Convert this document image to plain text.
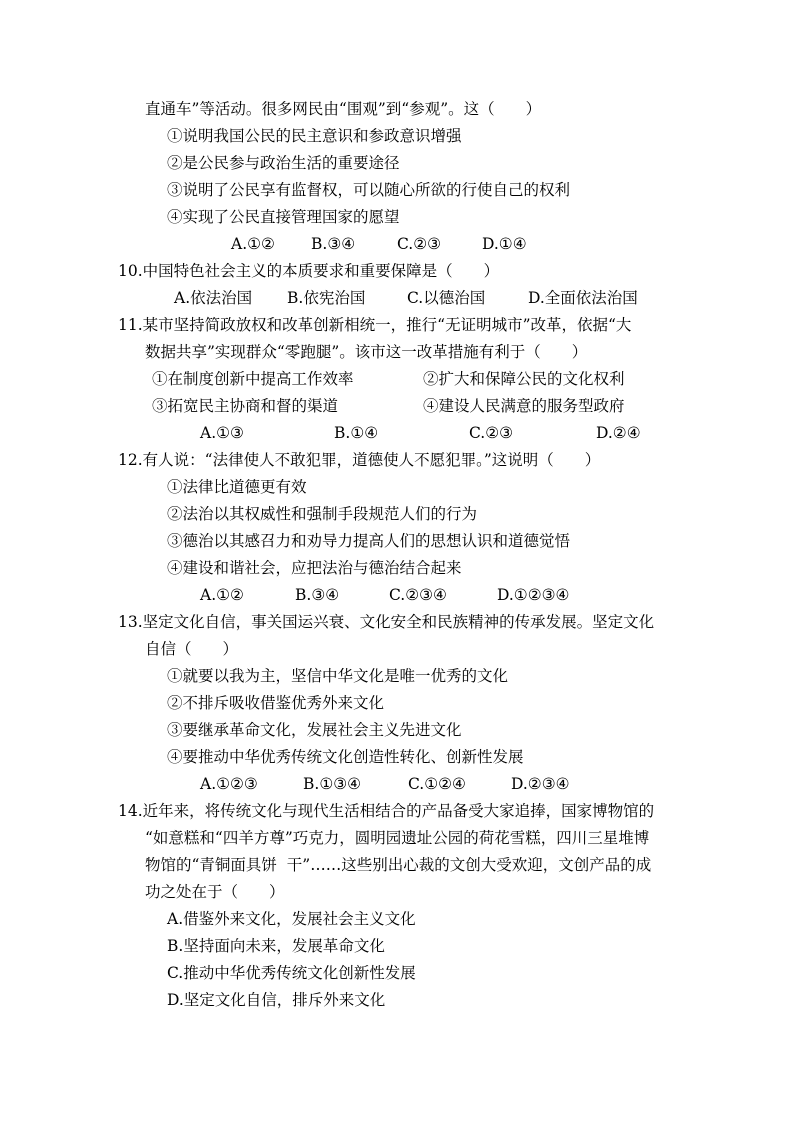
直通车”等活动。很多网民由“围观”到“参观”。这（　　）
①说明我国公民的民主意识和参政意识增强
②是公民参与政治生活的重要途径
③说明了公民享有监督权，可以随心所欲的行使自己的权利
④实现了公民直接管理国家的愿望
A.①② B.③④	C.②③	D.①④
10.中国特色社会主义的本质要求和重要保障是（　　）
A.依法治国 B.依宪治国	C.以德治国	D.全面依法治国
11.某市坚持简政放权和改革创新相统一，推行“无证明城市”改革，依据“大
数据共享”实现群众“零跑腿”。该市这一改革措施有利于（　　）
①在制度创新中提高工作效率	②扩大和保障公民的文化权利
③拓宽民主协商和督的渠道	④建设人民满意的服务型政府
A.①③	B.①④	C.②③	D.②④
12.有人说：“法律使人不敢犯罪，道德使人不愿犯罪。”这说明（　　）
①法律比道德更有效
②法治以其权威性和强制手段规范人们的行为
③德治以其感召力和劝导力提高人们的思想认识和道德觉悟
④建设和谐社会，应把法治与德治结合起来
A.①②	B.③④	C.②③④	D.①②③④
13.坚定文化自信，事关国运兴衰、文化安全和民族精神的传承发展。坚定文化
自信（　　）
①就要以我为主，坚信中华文化是唯一优秀的文化
②不排斥吸收借鉴优秀外来文化
③要继承革命文化，发展社会主义先进文化
④要推动中华优秀传统文化创造性转化、创新性发展
A.①②③	B.①③④	C.①②④	D.②③④
14.近年来，将传统文化与现代生活相结合的产品备受大家追捧，国家博物馆的
“如意糕和“四羊方尊”巧克力，圆明园遗址公园的荷花雪糕，四川三星堆博
物馆的“青铜面具饼  干”……这些别出心裁的文创大受欢迎，文创产品的成
功之处在于（　　）
A.借鉴外来文化，发展社会主义文化
B.坚持面向未来，发展革命文化
C.推动中华优秀传统文化创新性发展
D.坚定文化自信，排斥外来文化
